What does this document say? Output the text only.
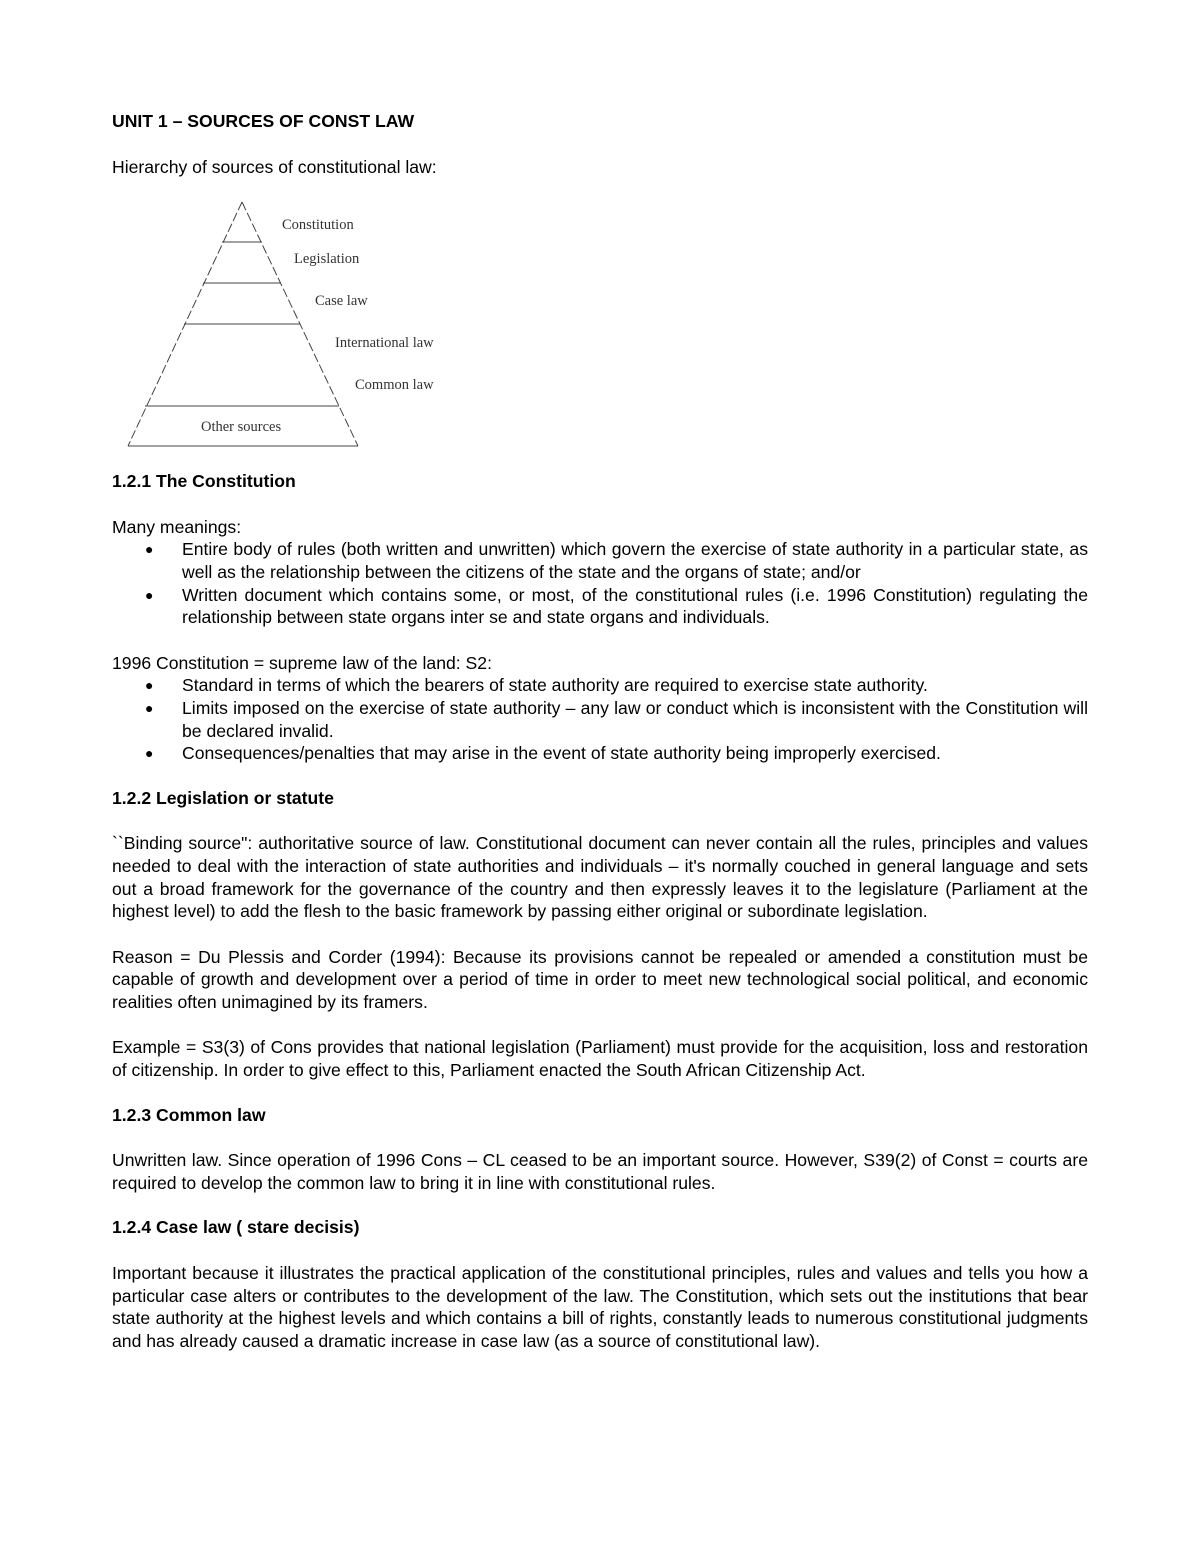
Constitution
Legislation
Case law
International law
Common law
Other sources

UNIT 1 – SOURCES OF CONST LAW

Hierarchy of sources of constitutional law:

1.2.1 The Constitution

Many meanings:

● Entire body of rules (both written and unwritten) which govern the exercise of state authority in a particular state, as well as the relationship between the citizens of the state and the organs of state; and/or
● Written document which contains some, or most, of the constitutional rules (i.e. 1996 Constitution) regulating the relationship between state organs inter se and state organs and individuals.

1996 Constitution = supreme law of the land: S2:

● Standard in terms of which the bearers of state authority are required to exercise state authority.
● Limits imposed on the exercise of state authority – any law or conduct which is inconsistent with the Constitution will be declared invalid.
● Consequences/penalties that may arise in the event of state authority being improperly exercised.

1.2.2 Legislation or statute

``Binding source": authoritative source of law. Constitutional document can never contain all the rules, principles and values needed to deal with the interaction of state authorities and individuals – it's normally couched in general language and sets out a broad framework for the governance of the country and then expressly leaves it to the legislature (Parliament at the highest level) to add the flesh to the basic framework by passing either original or subordinate legislation.

Reason = Du Plessis and Corder (1994): Because its provisions cannot be repealed or amended a constitution must be capable of growth and development over a period of time in order to meet new technological social political, and economic realities often unimagined by its framers.

Example = S3(3) of Cons provides that national legislation (Parliament) must provide for the acquisition, loss and restoration of citizenship. In order to give effect to this, Parliament enacted the South African Citizenship Act.

1.2.3 Common law

Unwritten law. Since operation of 1996 Cons – CL ceased to be an important source. However, S39(2) of Const = courts are required to develop the common law to bring it in line with constitutional rules.

1.2.4 Case law ( stare decisis)

Important because it illustrates the practical application of the constitutional principles, rules and values and tells you how a particular case alters or contributes to the development of the law. The Constitution, which sets out the institutions that bear state authority at the highest levels and which contains a bill of rights, constantly leads to numerous constitutional judgments and has already caused a dramatic increase in case law (as a source of constitutional law).
